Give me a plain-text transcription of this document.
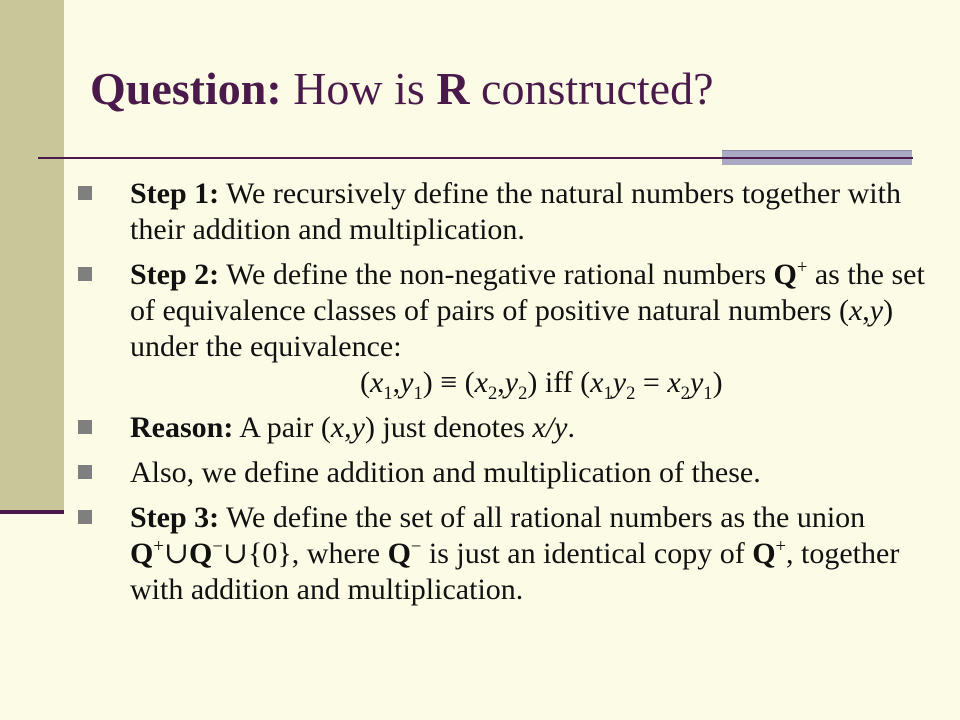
Question: How is R constructed?
Step 1: We recursively define the natural numbers together with their addition and multiplication.
Step 2: We define the non-negative rational numbers Q+ as the set of equivalence classes of pairs of positive natural numbers (x,y) under the equivalence:
$(x_1,y_1) \equiv (x_2,y_2)$ iff $(x_1y_2 = x_2y_1)$
Reason: A pair (x,y) just denotes x/y.
Also, we define addition and multiplication of these.
Step 3: We define the set of all rational numbers as the union Q+∪Q−∪{0}, where Q− is just an identical copy of Q+, together with addition and multiplication.
